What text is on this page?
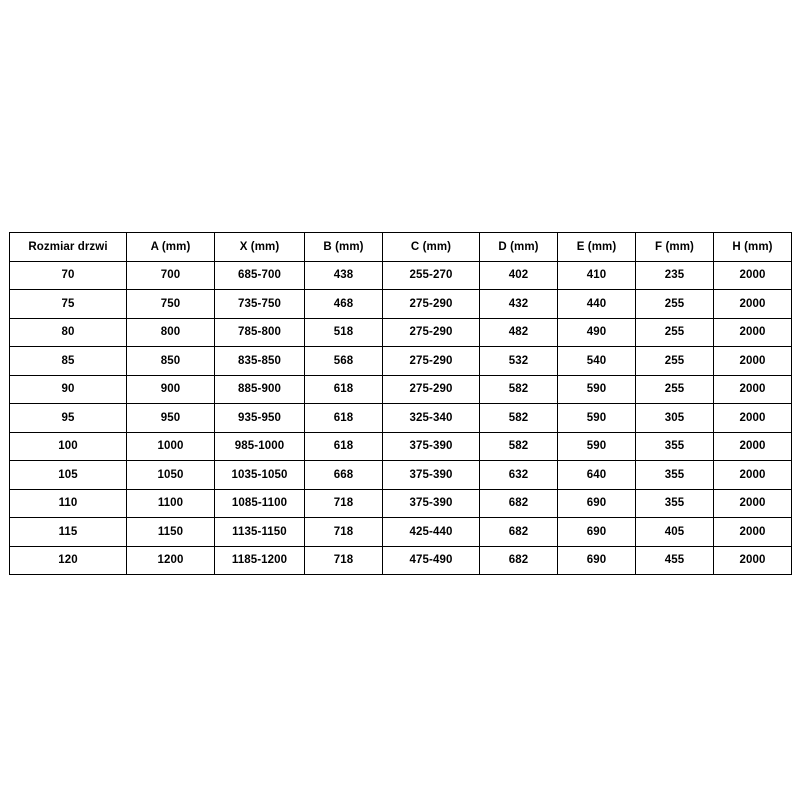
Rozmiar drzwi	A (mm)	X (mm)	B (mm)	C (mm)	D (mm)	E (mm)	F (mm)	H (mm)
70	700	685-700	438	255-270	402	410	235	2000
75	750	735-750	468	275-290	432	440	255	2000
80	800	785-800	518	275-290	482	490	255	2000
85	850	835-850	568	275-290	532	540	255	2000
90	900	885-900	618	275-290	582	590	255	2000
95	950	935-950	618	325-340	582	590	305	2000
100	1000	985-1000	618	375-390	582	590	355	2000
105	1050	1035-1050	668	375-390	632	640	355	2000
110	1100	1085-1100	718	375-390	682	690	355	2000
115	1150	1135-1150	718	425-440	682	690	405	2000
120	1200	1185-1200	718	475-490	682	690	455	2000
